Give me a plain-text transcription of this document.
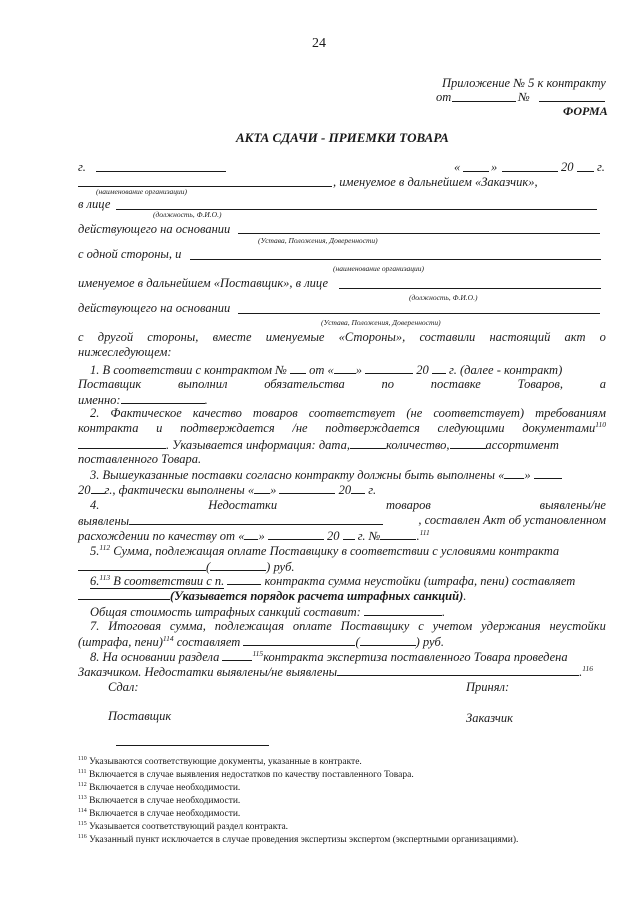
24
Приложение № 5 к контракту
от	№
ФОРМА
АКТА СДАЧИ - ПРИЕМКИ ТОВАРА
г.	« »	20 г.
, именуемое в дальнейшем «Заказчик»,
(наименование организации)
в лице
(должность, Ф.И.О.)
действующего на основании
(Устава, Положения, Доверенности)
с одной стороны, и
(наименование организации)
именуемое в дальнейшем «Поставщик», в лице
(должность, Ф.И.О.)
действующего на основании
(Устава, Положения, Доверенности)
с другой стороны, вместе именуемые «Стороны», составили настоящий акт о
нижеследующем:
1. В соответствии с контрактом № от « »	20 г. (далее - контракт)
Поставщик	выполнил	обязательства	по	поставке	Товаров,	а
именно:	.
2. Фактическое качество товаров соответствует (не соответствует) требованиям
контракта и подтверждается /не подтверждается следующими документами$^{110}$
. Указывается информация: дата,	количество,	ассортимент
поставленного Товара.
3. Вышеуказанные поставки согласно контракту должны быть выполнены « »
20 г., фактически выполнены « »	20 г.
4.	Недостатки	товаров	выявлены/не
выявлены	, составлен Акт об установленном
расхождении по качеству от « »	20 г. №	.$^{111}$
5.$^{112}$ Сумма, подлежащая оплате Поставщику в соответствии с условиями контракта
(	) руб.
6.$^{113}$ В соответствии с п.	контракта сумма неустойки (штрафа, пени) составляет
(Указывается порядок расчета штрафных санкций).
Общая стоимость штрафных санкций составит:	.
7. Итоговая сумма, подлежащая оплате Поставщику с учетом удержания неустойки
(штрафа, пени)$^{114}$ составляет	(	) руб.
8. На основании раздела	$^{115}$контракта экспертиза поставленного Товара проведена
Заказчиком. Недостатки выявлены/не выявлены	.$^{116}$
Сдал:	Принял:
Поставщик	Заказчик
$^{110}$ Указываются соответствующие документы, указанные в контракте.
$^{111}$ Включается в случае выявления недостатков по качеству поставленного Товара.
$^{112}$ Включается в случае необходимости.
$^{113}$ Включается в случае необходимости.
$^{114}$ Включается в случае необходимости.
$^{115}$ Указывается соответствующий раздел контракта.
$^{116}$ Указанный пункт исключается в случае проведения экспертизы экспертом (экспертными организациями).
